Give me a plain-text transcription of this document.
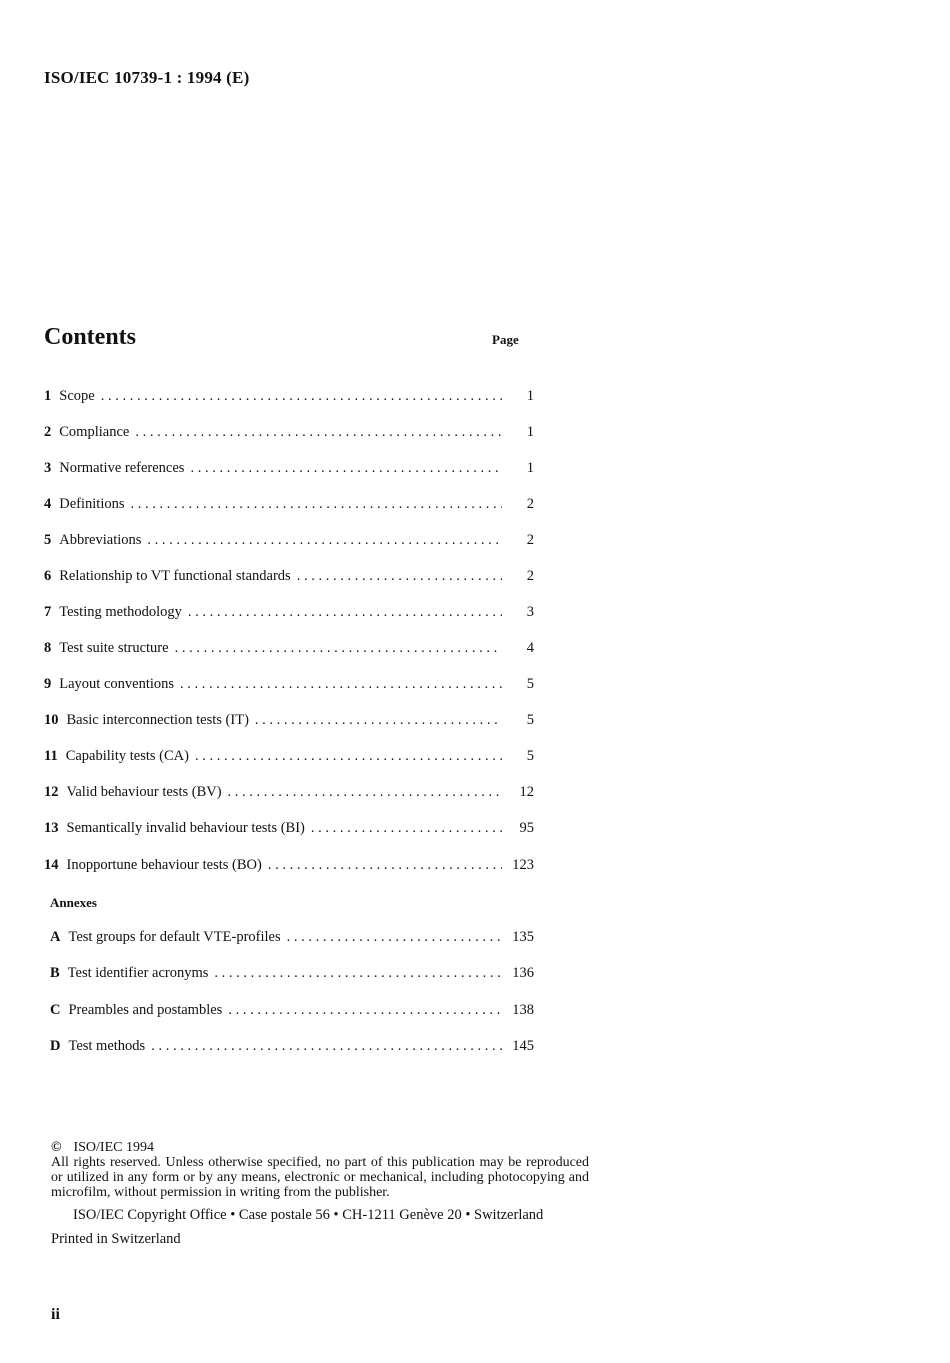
ISO/IEC 10739-1 : 1994 (E)
Contents	Page
1 Scope . . .	1
2 Compliance . . .	1
3 Normative references . . .	1
4 Definitions . . .	2
5 Abbreviations . . .	2
6 Relationship to VT functional standards . . .	2
7 Testing methodology . . .	3
8 Test suite structure . . .	4
9 Layout conventions . . .	5
10 Basic interconnection tests (IT) . . .	5
11 Capability tests (CA) . . .	5
12 Valid behaviour tests (BV) . . .	12
13 Semantically invalid behaviour tests (BI) . . .	95
14 Inopportune behaviour tests (BO) . . .	123
Annexes
A Test groups for default VTE-profiles . . .	135
B Test identifier acronyms . . .	136
C Preambles and postambles . . .	138
D Test methods . . .	145
© ISO/IEC 1994
All rights reserved. Unless otherwise specified, no part of this publication may be reproduced or utilized in any form or by any means, electronic or mechanical, including photocopying and microfilm, without permission in writing from the publisher.
ISO/IEC Copyright Office • Case postale 56 • CH-1211 Genève 20 • Switzerland
Printed in Switzerland
ii
